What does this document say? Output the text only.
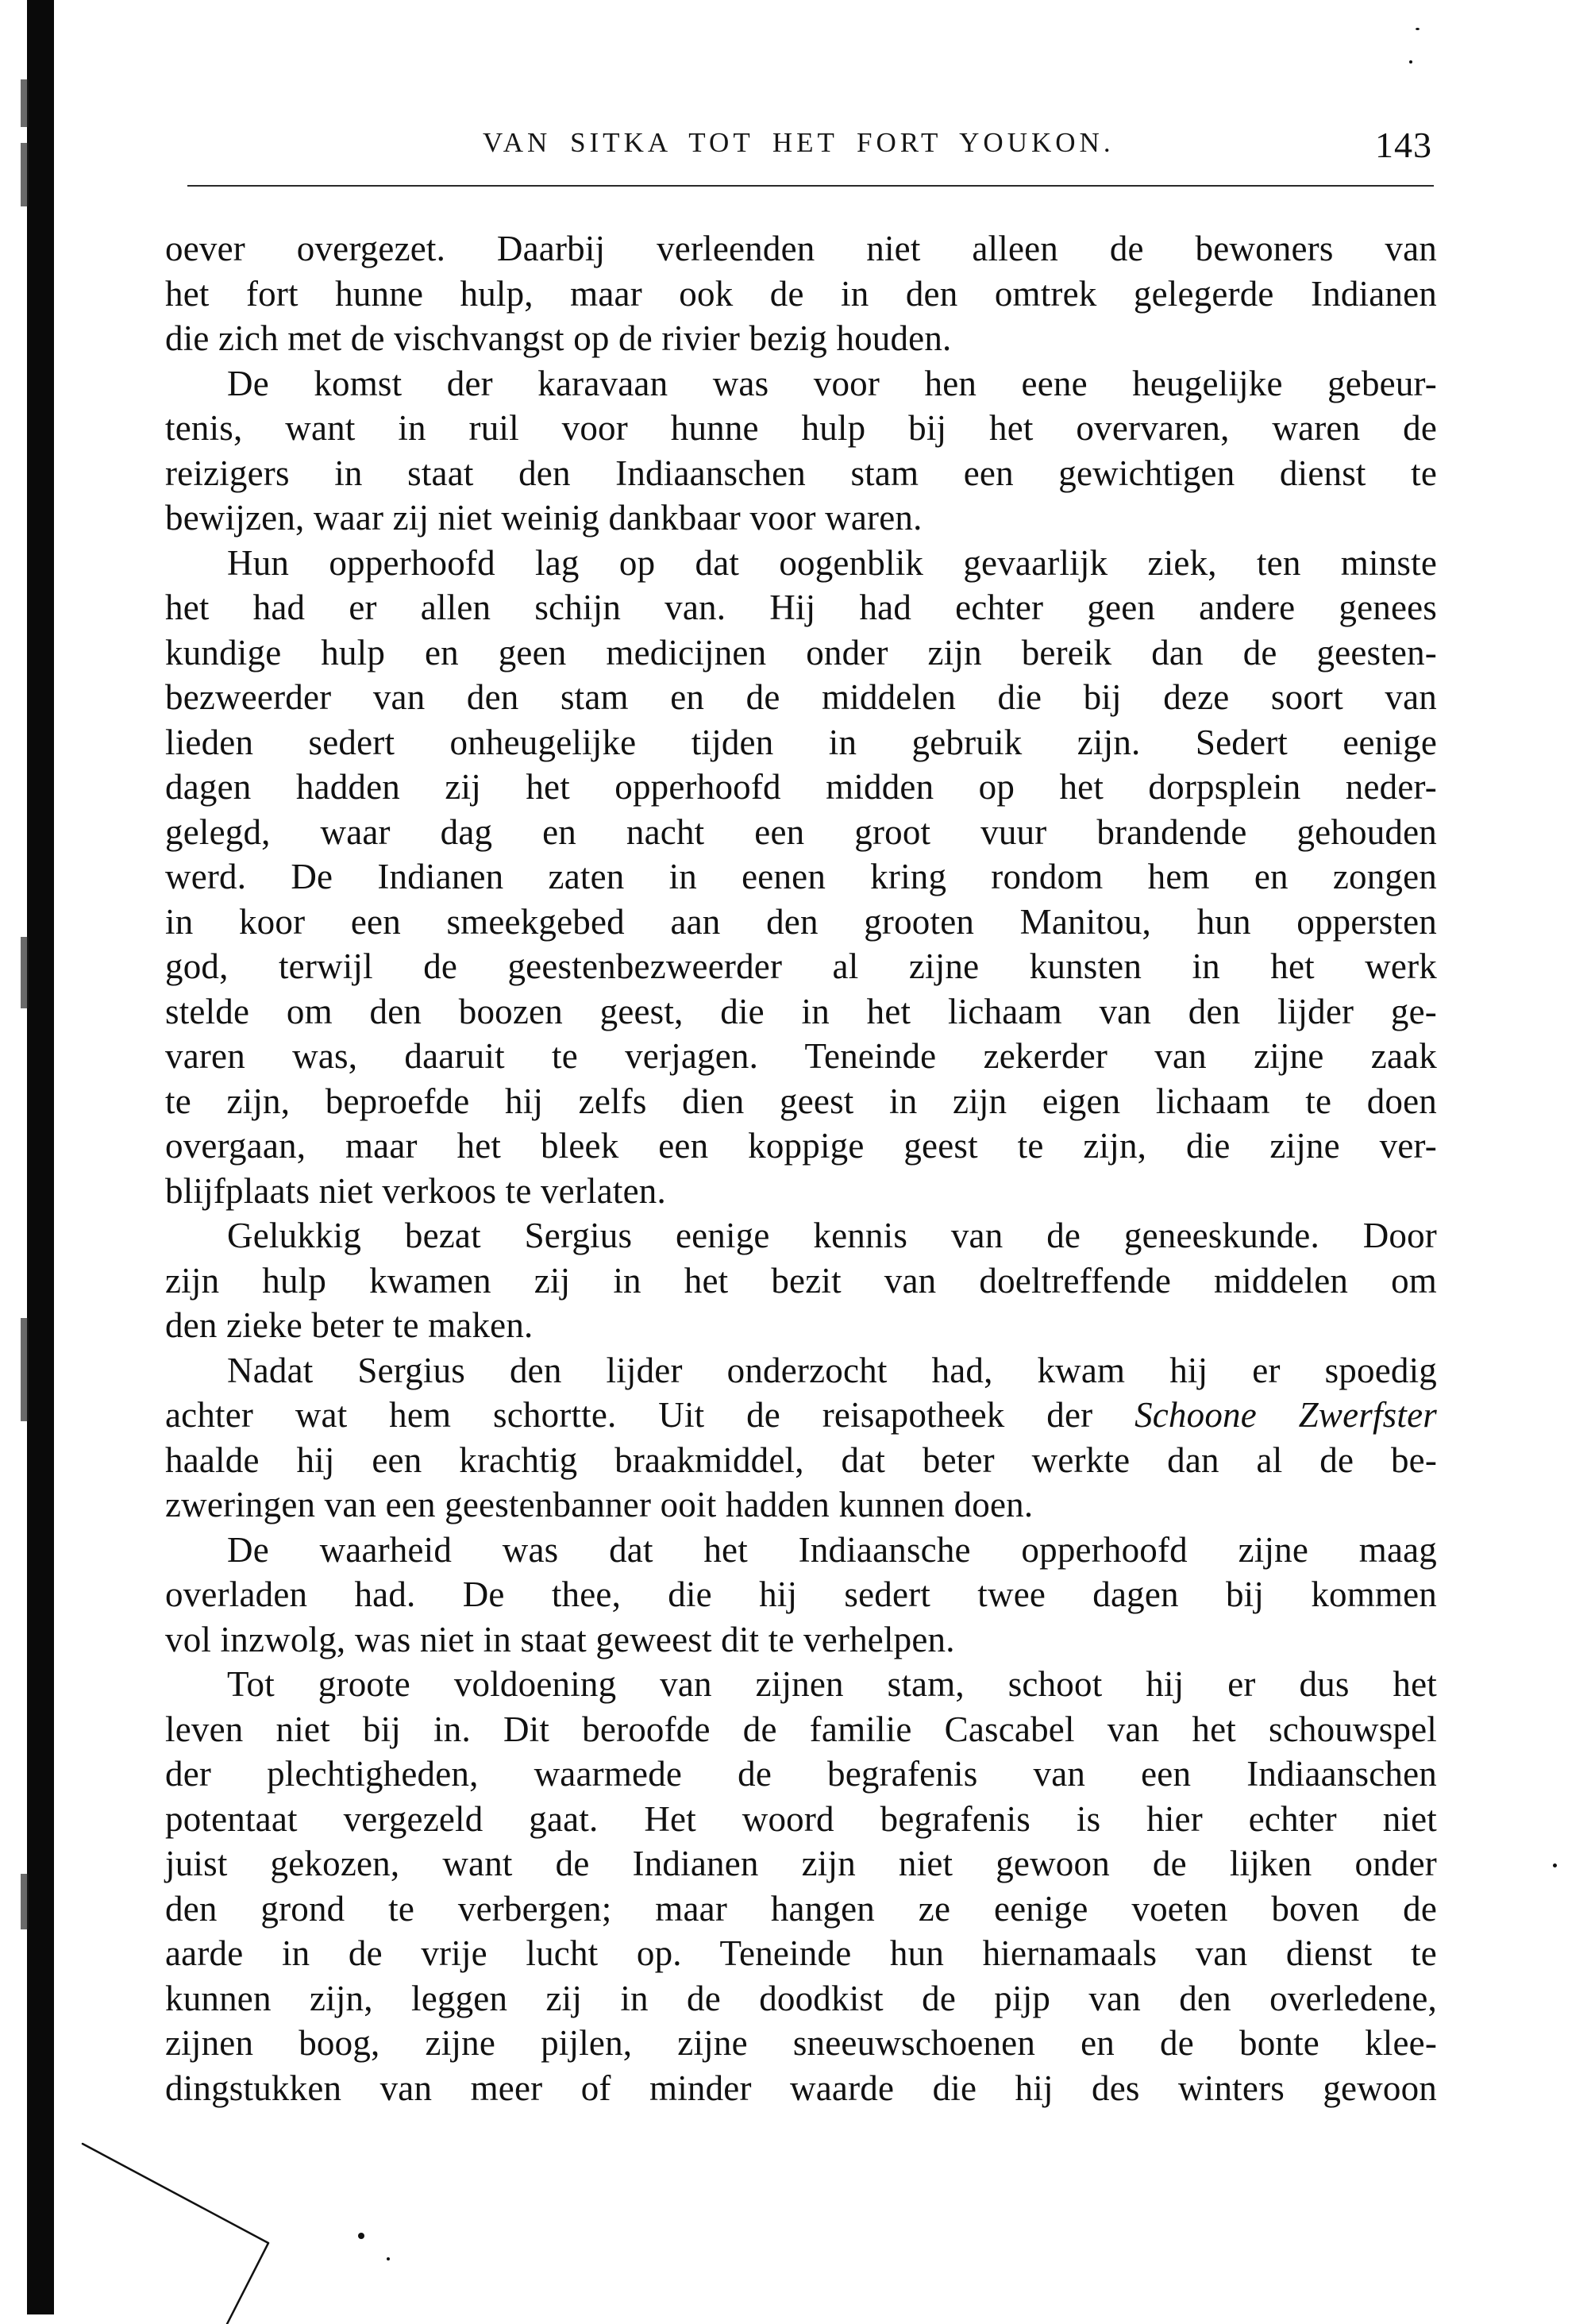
VAN SITKA TOT HET FORT YOUKON.	143
oever overgezet. Daarbij verleenden niet alleen de bewoners van
het fort hunne hulp, maar ook de in den omtrek gelegerde Indianen
die zich met de vischvangst op de rivier bezig houden.
De komst der karavaan was voor hen eene heugelijke gebeur-
tenis, want in ruil voor hunne hulp bij het overvaren, waren de
reizigers in staat den Indiaanschen stam een gewichtigen dienst te
bewijzen, waar zij niet weinig dankbaar voor waren.
Hun opperhoofd lag op dat oogenblik gevaarlijk ziek, ten minste
het had er allen schijn van. Hij had echter geen andere genees
kundige hulp en geen medicijnen onder zijn bereik dan de geesten-
bezweerder van den stam en de middelen die bij deze soort van
lieden sedert onheugelijke tijden in gebruik zijn. Sedert eenige
dagen hadden zij het opperhoofd midden op het dorpsplein neder-
gelegd, waar dag en nacht een groot vuur brandende gehouden
werd. De Indianen zaten in eenen kring rondom hem en zongen
in koor een smeekgebed aan den grooten Manitou, hun oppersten
god, terwijl de geestenbezweerder al zijne kunsten in het werk
stelde om den boozen geest, die in het lichaam van den lijder ge-
varen was, daaruit te verjagen. Teneinde zekerder van zijne zaak
te zijn, beproefde hij zelfs dien geest in zijn eigen lichaam te doen
overgaan, maar het bleek een koppige geest te zijn, die zijne ver-
blijfplaats niet verkoos te verlaten.
Gelukkig bezat Sergius eenige kennis van de geneeskunde. Door
zijn hulp kwamen zij in het bezit van doeltreffende middelen om
den zieke beter te maken.
Nadat Sergius den lijder onderzocht had, kwam hij er spoedig
achter wat hem schortte. Uit de reisapotheek der Schoone Zwerfster
haalde hij een krachtig braakmiddel, dat beter werkte dan al de be-
zweringen van een geestenbanner ooit hadden kunnen doen.
De waarheid was dat het Indiaansche opperhoofd zijne maag
overladen had. De thee, die hij sedert twee dagen bij kommen
vol inzwolg, was niet in staat geweest dit te verhelpen.
Tot groote voldoening van zijnen stam, schoot hij er dus het
leven niet bij in. Dit beroofde de familie Cascabel van het schouwspel
der plechtigheden, waarmede de begrafenis van een Indiaanschen
potentaat vergezeld gaat. Het woord begrafenis is hier echter niet
juist gekozen, want de Indianen zijn niet gewoon de lijken onder
den grond te verbergen; maar hangen ze eenige voeten boven de
aarde in de vrije lucht op. Teneinde hun hiernamaals van dienst te
kunnen zijn, leggen zij in de doodkist de pijp van den overledene,
zijnen boog, zijne pijlen, zijne sneeuwschoenen en de bonte klee-
dingstukken van meer of minder waarde die hij des winters gewoon
